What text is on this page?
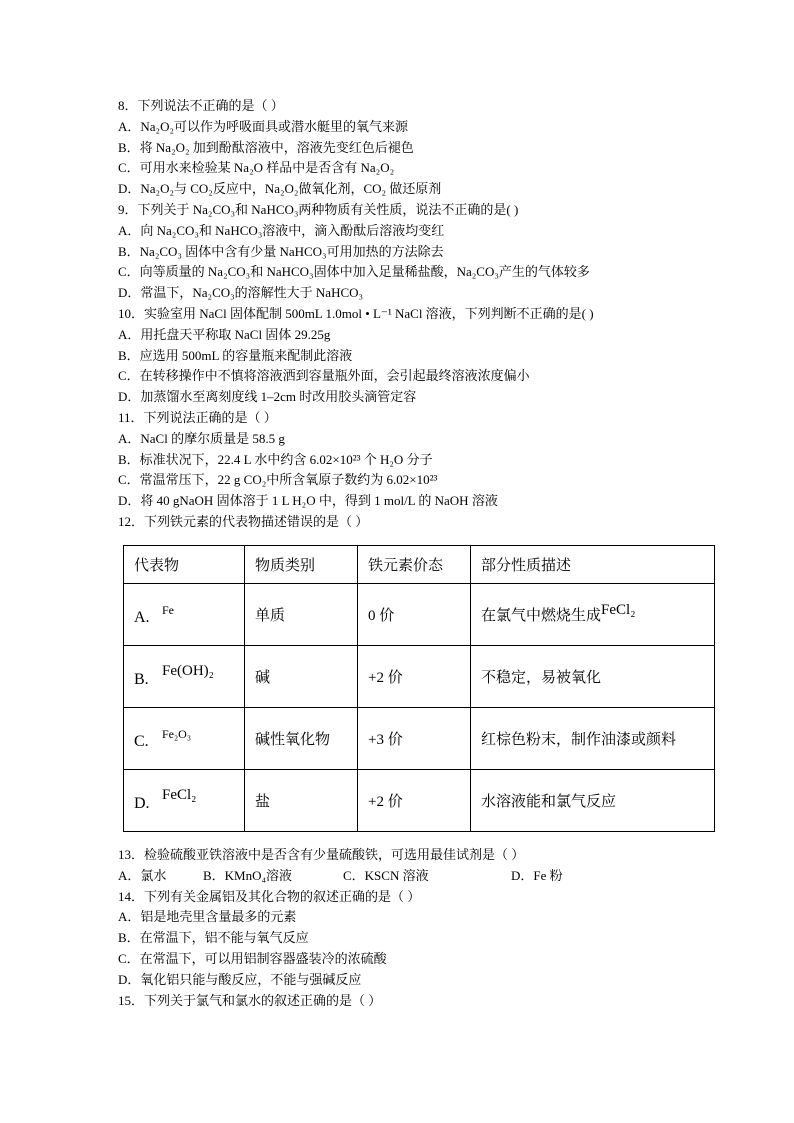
8．下列说法不正确的是（ ）
A．Na₂O₂可以作为呼吸面具或潜水艇里的氧气来源
B．将 Na₂O₂ 加到酚酞溶液中，溶液先变红色后褪色
C．可用水来检验某 Na₂O 样品中是否含有 Na₂O₂
D．Na₂O₂与 CO₂反应中，Na₂O₂做氧化剂，CO₂ 做还原剂
9．下列关于 Na₂CO₃和 NaHCO₃两种物质有关性质，说法不正确的是( )
A．向 Na₂CO₃和 NaHCO₃溶液中，滴入酚酞后溶液均变红
B．Na₂CO₃ 固体中含有少量 NaHCO₃可用加热的方法除去
C．向等质量的 Na₂CO₃和 NaHCO₃固体中加入足量稀盐酸，Na₂CO₃产生的气体较多
D．常温下，Na₂CO₃的溶解性大于 NaHCO₃
10．实验室用 NaCl 固体配制 500mL 1.0mol • L⁻¹ NaCl 溶液，下列判断不正确的是( )
A．用托盘天平称取 NaCl 固体 29.25g
B．应选用 500mL 的容量瓶来配制此溶液
C．在转移操作中不慎将溶液洒到容量瓶外面，会引起最终溶液浓度偏小
D．加蒸馏水至离刻度线 1–2cm 时改用胶头滴管定容
11．下列说法正确的是（ ）
A．NaCl 的摩尔质量是 58.5 g
B．标准状况下，22.4 L 水中约含 6.02×10²³ 个 H₂O 分子
C．常温常压下，22 g CO₂中所含氧原子数约为 6.02×10²³
D．将 40 gNaOH 固体溶于 1 L H₂O 中，得到 1 mol/L 的 NaOH 溶液
12．下列铁元素的代表物描述错误的是（ ）
代表物	物质类别	铁元素价态	部分性质描述
A. $^{Fe}$	单质	0 价	在氯气中燃烧生成FeCl₂
B. Fe(OH)₂	碱	+2 价	不稳定，易被氧化
C. $^{Fe_2O_3}$	碱性氧化物	+3 价	红棕色粉末，制作油漆或颜料
D. FeCl₂	盐	+2 价	水溶液能和氯气反应
13．检验硫酸亚铁溶液中是否含有少量硫酸铁，可选用最佳试剂是（ ）
A．氯水	B．KMnO₄溶液	C．KSCN 溶液	D．Fe 粉
14．下列有关金属铝及其化合物的叙述正确的是（ ）
A．铝是地壳里含量最多的元素
B．在常温下，铝不能与氧气反应
C．在常温下，可以用铝制容器盛装冷的浓硫酸
D．氧化铝只能与酸反应，不能与强碱反应
15．下列关于氯气和氯水的叙述正确的是（ ）
